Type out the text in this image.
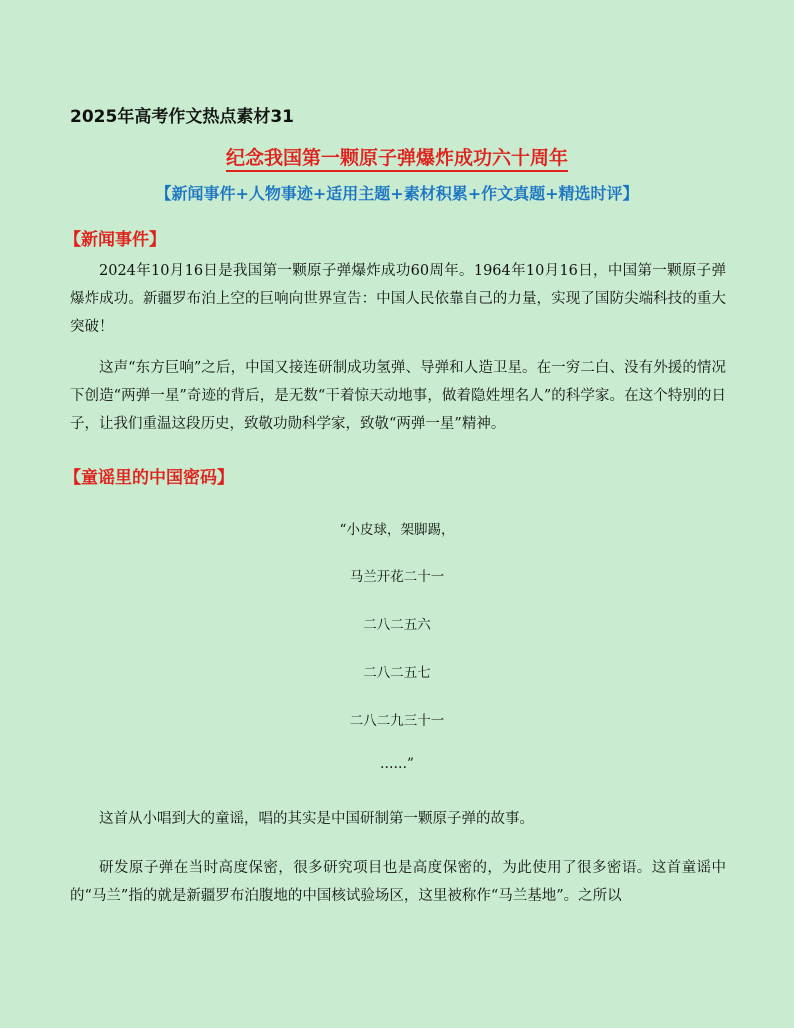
2025年高考作文热点素材31
纪念我国第一颗原子弹爆炸成功六十周年
【新闻事件+人物事迹+适用主题+素材积累+作文真题+精选时评】
【新闻事件】

2024年10月16日是我国第一颗原子弹爆炸成功60周年。1964年10月16日，中国第一颗原子弹爆炸成功。新疆罗布泊上空的巨响向世界宣告：中国人民依靠自己的力量，实现了国防尖端科技的重大突破！

这声“东方巨响”之后，中国又接连研制成功氢弹、导弹和人造卫星。在一穷二白、没有外援的情况下创造“两弹一星”奇迹的背后，是无数“干着惊天动地事，做着隐姓埋名人”的科学家。在这个特别的日子，让我们重温这段历史，致敬功勋科学家，致敬“两弹一星”精神。

【童谣里的中国密码】
“小皮球，架脚踢，
马兰开花二十一
二八二五六
二八二五七
二八二九三十一
……”

这首从小唱到大的童谣，唱的其实是中国研制第一颗原子弹的故事。

研发原子弹在当时高度保密，很多研究项目也是高度保密的，为此使用了很多密语。这首童谣中的“马兰”指的就是新疆罗布泊腹地的中国核试验场区，这里被称作“马兰基地”。之所以
